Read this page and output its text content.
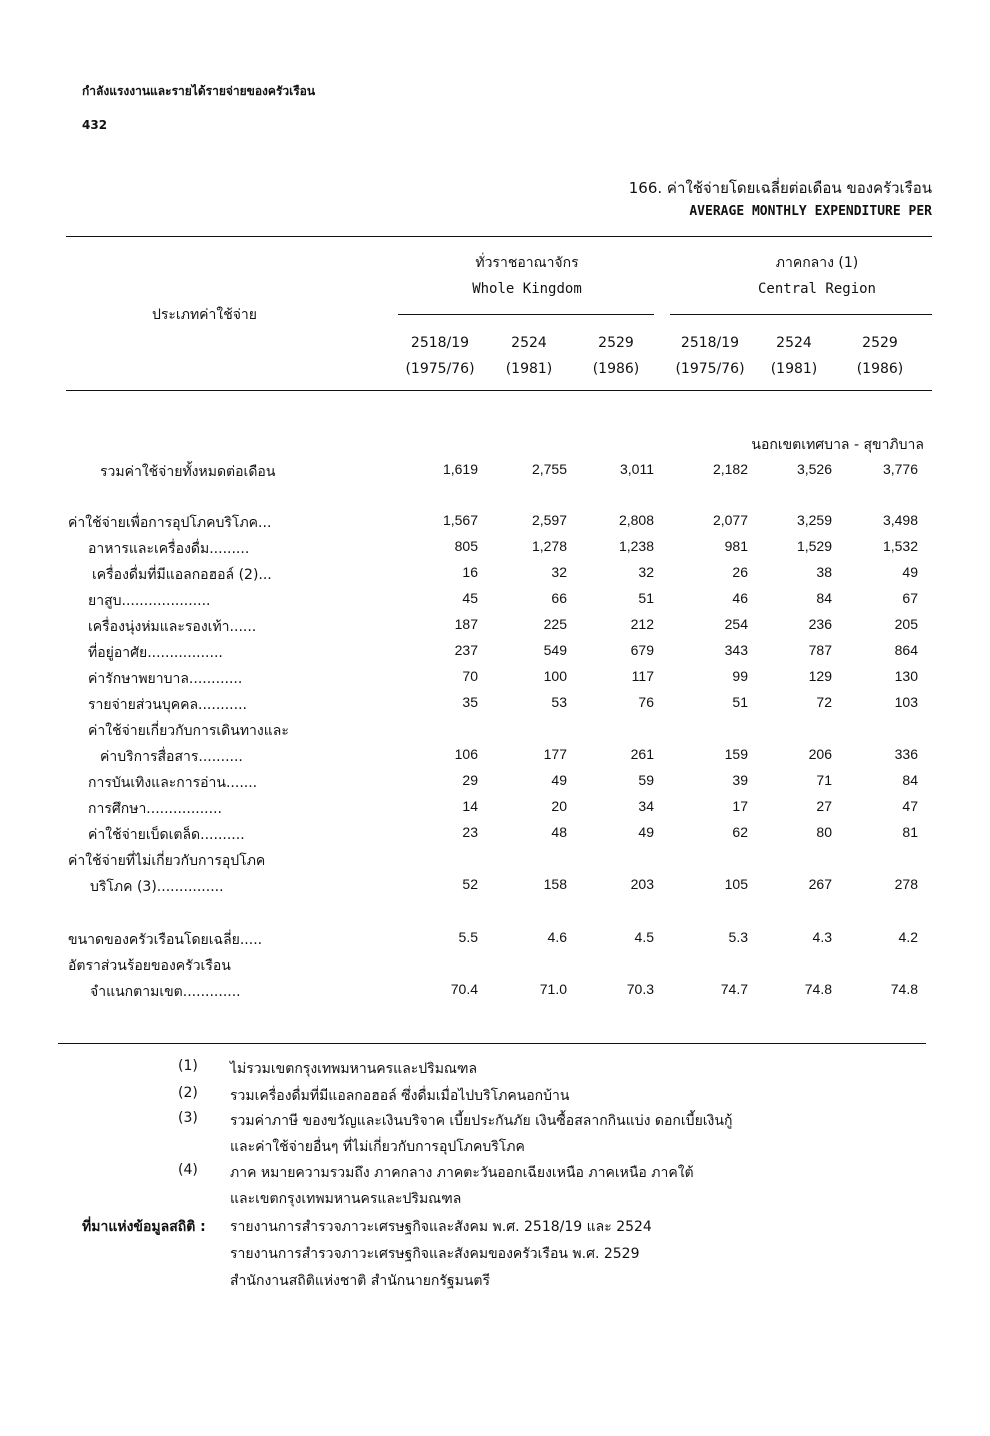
กำลังแรงงานและรายได้รายจ่ายของครัวเรือน
432
166. ค่าใช้จ่ายโดยเฉลี่ยต่อเดือน ของครัวเรือน
AVERAGE MONTHLY EXPENDITURE PER
ประเภทค่าใช้จ่าย
ทั่วราชอาณาจักร
Whole Kingdom
ภาคกลาง (1)
Central Region
2518/19
(1975/76)
2524
(1981)
2529
(1986)
2518/19
(1975/76)
2524
(1981)
2529
(1986)
นอกเขตเทศบาล - สุขาภิบาล
รวมค่าใช้จ่ายทั้งหมดต่อเดือน	1,619	2,755	3,011	2,182	3,526	3,776
ค่าใช้จ่ายเพื่อการอุปโภคบริโภค...	1,567	2,597	2,808	2,077	3,259	3,498
อาหารและเครื่องดื่ม.........	805	1,278	1,238	981	1,529	1,532
เครื่องดื่มที่มีแอลกอฮอล์ (2)...	16	32	32	26	38	49
ยาสูบ....................	45	66	51	46	84	67
เครื่องนุ่งห่มและรองเท้า......	187	225	212	254	236	205
ที่อยู่อาศัย.................	237	549	679	343	787	864
ค่ารักษาพยาบาล............	70	100	117	99	129	130
รายจ่ายส่วนบุคคล...........	35	53	76	51	72	103
ค่าใช้จ่ายเกี่ยวกับการเดินทางและ
ค่าบริการสื่อสาร..........	106	177	261	159	206	336
การบันเทิงและการอ่าน.......	29	49	59	39	71	84
การศึกษา.................	14	20	34	17	27	47
ค่าใช้จ่ายเบ็ดเตล็ด..........	23	48	49	62	80	81
ค่าใช้จ่ายที่ไม่เกี่ยวกับการอุปโภค
บริโภค (3)...............	52	158	203	105	267	278
ขนาดของครัวเรือนโดยเฉลี่ย.....	5.5	4.6	4.5	5.3	4.3	4.2
อัตราส่วนร้อยของครัวเรือน
จำแนกตามเขต.............	70.4	71.0	70.3	74.7	74.8	74.8
(1) ไม่รวมเขตกรุงเทพมหานครและปริมณฑล
(2) รวมเครื่องดื่มที่มีแอลกอฮอล์ ซึ่งดื่มเมื่อไปบริโภคนอกบ้าน
(3) รวมค่าภาษี ของขวัญและเงินบริจาค เบี้ยประกันภัย เงินซื้อสลากกินแบ่ง ดอกเบี้ยเงินกู้
และค่าใช้จ่ายอื่นๆ ที่ไม่เกี่ยวกับการอุปโภคบริโภค
(4) ภาค หมายความรวมถึง ภาคกลาง ภาคตะวันออกเฉียงเหนือ ภาคเหนือ ภาคใต้
และเขตกรุงเทพมหานครและปริมณฑล
ที่มาแห่งข้อมูลสถิติ : รายงานการสำรวจภาวะเศรษฐกิจและสังคม พ.ศ. 2518/19 และ 2524
รายงานการสำรวจภาวะเศรษฐกิจและสังคมของครัวเรือน พ.ศ. 2529
สำนักงานสถิติแห่งชาติ สำนักนายกรัฐมนตรี
